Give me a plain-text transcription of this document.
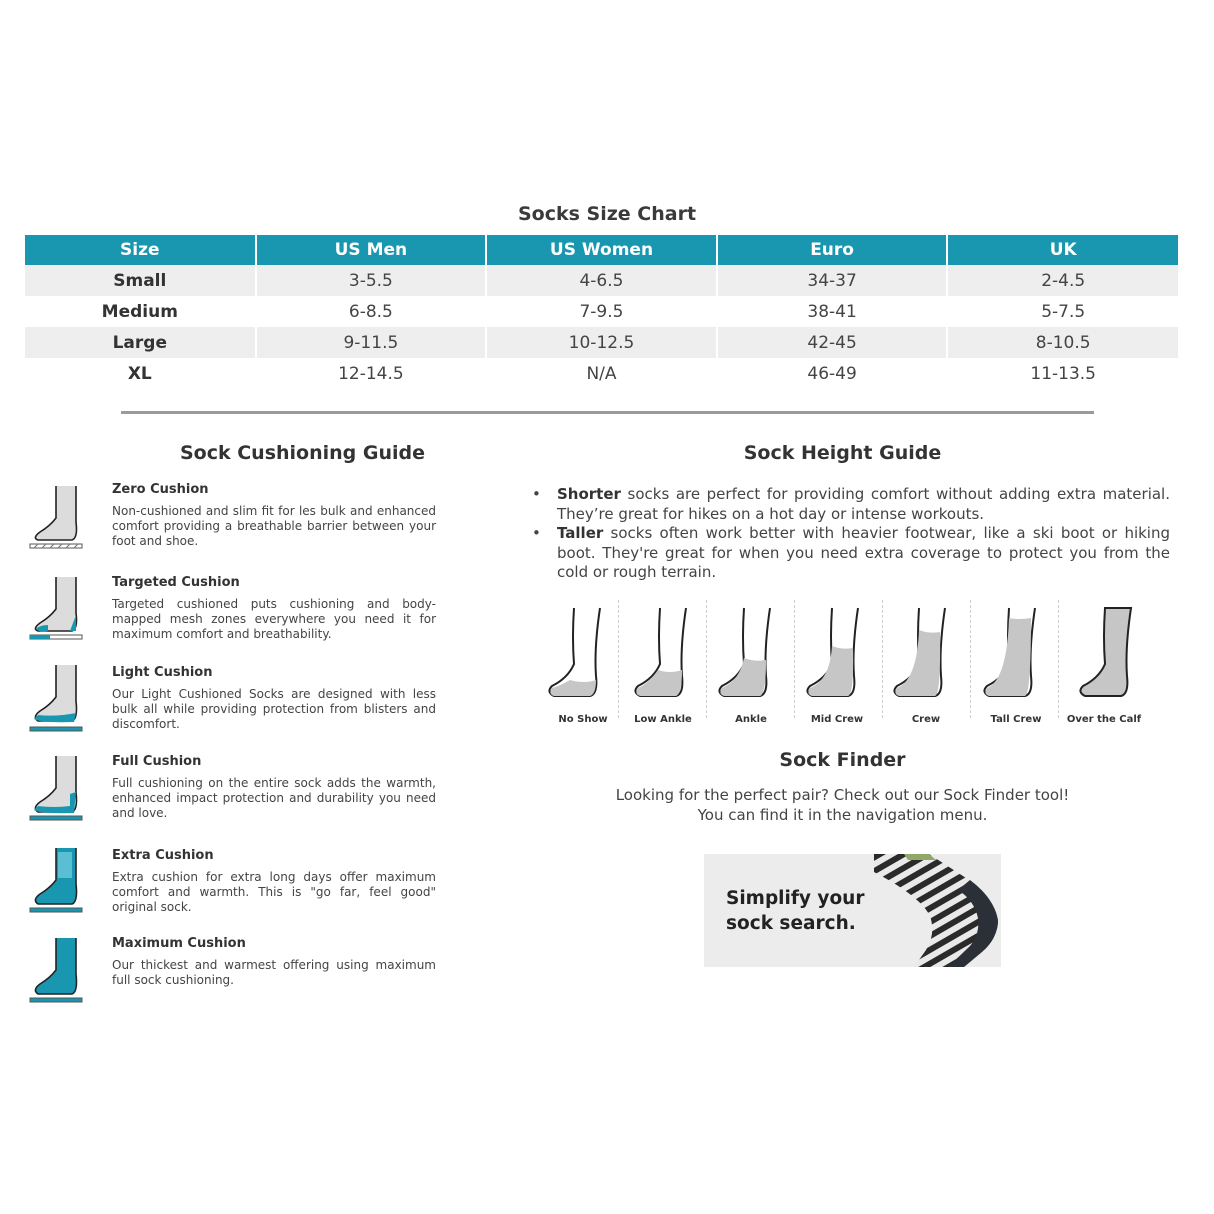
Socks Size Chart
Size	US Men	US Women	Euro	UK
Small	3-5.5	4-6.5	34-37	2-4.5
Medium	6-8.5	7-9.5	38-41	5-7.5
Large	9-11.5	10-12.5	42-45	8-10.5
XL	12-14.5	N/A	46-49	11-13.5
Sock Cushioning Guide
Zero Cushion
Non-cushioned and slim fit for les bulk and enhanced comfort providing a breathable barrier between your foot and shoe.
Targeted Cushion
Targeted cushioned puts cushioning and body-mapped mesh zones everywhere you need it for maximum comfort and breathability.
Light Cushion
Our Light Cushioned Socks are designed with less bulk all while providing protection from blisters and discomfort.
Full Cushion
Full cushioning on the entire sock adds the warmth, enhanced impact protection and durability you need and love.
Extra Cushion
Extra cushion for extra long days offer maximum comfort and warmth. This is "go far, feel good" original sock.
Maximum Cushion
Our thickest and warmest offering using maximum full sock cushioning.
Sock Height Guide
• Shorter socks are perfect for providing comfort without adding extra material. They’re great for hikes on a hot day or intense workouts.
• Taller socks often work better with heavier footwear, like a ski boot or hiking boot. They're great for when you need extra coverage to protect you from the cold or rough terrain.
No Show	Low Ankle	Ankle	Mid Crew	Crew	Tall Crew	Over the Calf
Sock Finder
Looking for the perfect pair? Check out our Sock Finder tool!
You can find it in the navigation menu.
Simplify your
sock search.
